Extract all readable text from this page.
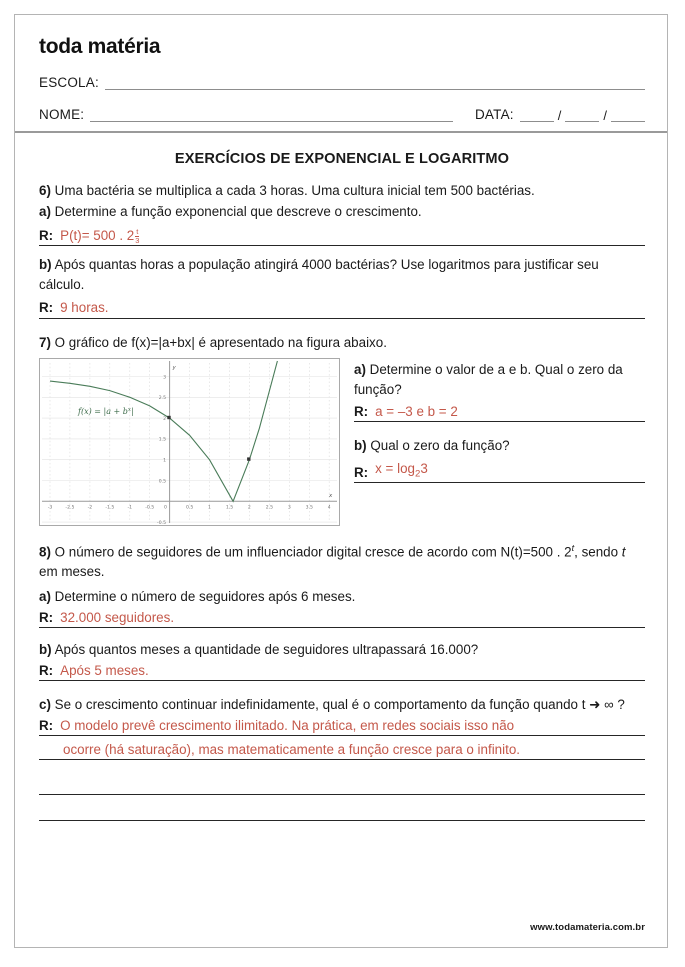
toda matéria
ESCOLA:
NOME:	DATA:	/	/
EXERCÍCIOS DE EXPONENCIAL E LOGARITMO

6) Uma bactéria se multiplica a cada 3 horas. Uma cultura inicial tem 500 bactérias.

a) Determine a função exponencial que descreve o crescimento.

R: P(t)= 500 . $2 \frac{t}{3}$

b) Após quantas horas a população atingirá 4000 bactérias? Use logaritmos para justificar seu cálculo.

R: 9 horas.

7) O gráfico de f(x)=|a+bx| é apresentado na figura abaixo.

y
x
-3	-2.5	-2	-1.5	-1	-0.5 0	0.5	1	1.5	2	2.5	3	3.5	4
3
2.5
2
1.5
1
0.5
-0.5
$f(x) = |a + b^x|$

a) Determine o valor de a e b. Qual o zero da função?

R: a = –3 e b = 2

b) Qual o zero da função?

R: $x = \log_23$

8) O número de seguidores de um influenciador digital cresce de acordo com N(t)=500 . 2$^t$, sendo t em meses.

a) Determine o número de seguidores após 6 meses.

R: 32.000 seguidores.

b) Após quantos meses a quantidade de seguidores ultrapassará 16.000?

R: Após 5 meses.

c) Se o crescimento continuar indefinidamente, qual é o comportamento da função quando t ➜ ∞ ?

R: O modelo prevê crescimento ilimitado. Na prática, em redes sociais isso não
ocorre (há saturação), mas matematicamente a função cresce para o infinito.
www.todamateria.com.br
